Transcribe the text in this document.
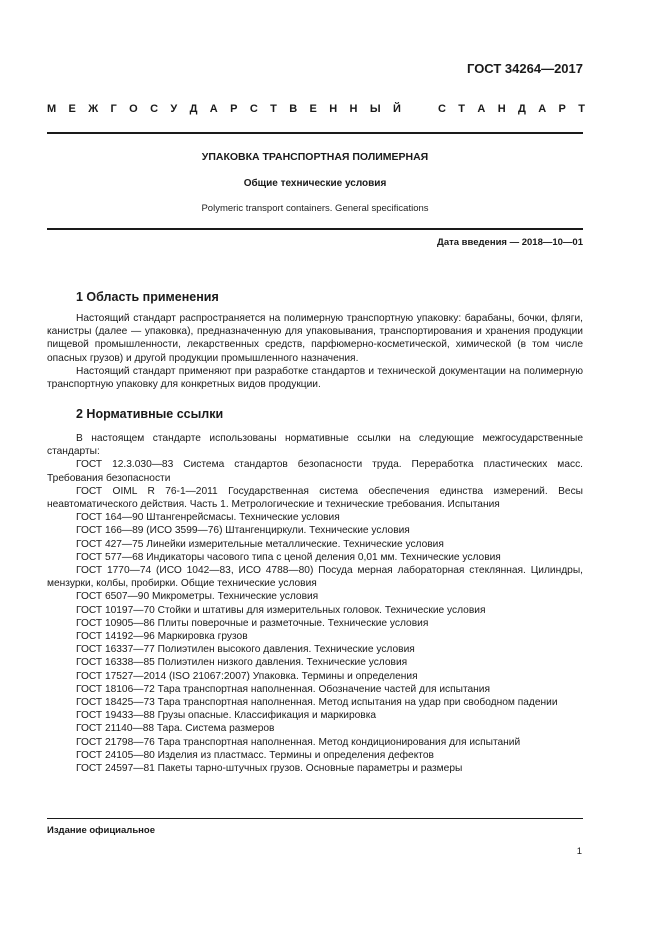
ГОСТ 34264—2017
М Е Ж Г О С У Д А Р С Т В Е Н Н Ы Й	С Т А Н Д А Р Т
УПАКОВКА ТРАНСПОРТНАЯ ПОЛИМЕРНАЯ
Общие технические условия
Polymeric transport containers. General specifications
Дата введения — 2018—10—01
1 Область применения

Настоящий стандарт распространяется на полимерную транспортную упаковку: барабаны, бочки, фляги, канистры (далее — упаковка), предназначенную для упаковывания, транспортирования и хранения продукции пищевой промышленности, лекарственных средств, парфюмерно-косметической, химической (в том числе опасных грузов) и другой продукции промышленного назначения.

Настоящий стандарт применяют при разработке стандартов и технической документации на полимерную транспортную упаковку для конкретных видов продукции.

2 Нормативные ссылки

В настоящем стандарте использованы нормативные ссылки на следующие межгосударственные стандарты:

ГОСТ 12.3.030—83 Система стандартов безопасности труда. Переработка пластических масс. Требования безопасности

ГОСТ OIML R 76-1—2011 Государственная система обеспечения единства измерений. Весы неавтоматического действия. Часть 1. Метрологические и технические требования. Испытания

ГОСТ 164—90 Штангенрейсмасы. Технические условия

ГОСТ 166—89 (ИСО 3599—76) Штангенциркули. Технические условия

ГОСТ 427—75 Линейки измерительные металлические. Технические условия

ГОСТ 577—68 Индикаторы часового типа с ценой деления 0,01 мм. Технические условия

ГОСТ 1770—74 (ИСО 1042—83, ИСО 4788—80) Посуда мерная лабораторная стеклянная. Цилиндры, мензурки, колбы, пробирки. Общие технические условия

ГОСТ 6507—90 Микрометры. Технические условия

ГОСТ 10197—70 Стойки и штативы для измерительных головок. Технические условия

ГОСТ 10905—86 Плиты поверочные и разметочные. Технические условия

ГОСТ 14192—96 Маркировка грузов

ГОСТ 16337—77 Полиэтилен высокого давления. Технические условия

ГОСТ 16338—85 Полиэтилен низкого давления. Технические условия

ГОСТ 17527—2014 (ISO 21067:2007) Упаковка. Термины и определения

ГОСТ 18106—72 Тара транспортная наполненная. Обозначение частей для испытания

ГОСТ 18425—73 Тара транспортная наполненная. Метод испытания на удар при свободном падении

ГОСТ 19433—88 Грузы опасные. Классификация и маркировка

ГОСТ 21140—88 Тара. Система размеров

ГОСТ 21798—76 Тара транспортная наполненная. Метод кондиционирования для испытаний

ГОСТ 24105—80 Изделия из пластмасс. Термины и определения дефектов

ГОСТ 24597—81 Пакеты тарно-штучных грузов. Основные параметры и размеры

Издание официальное
1
